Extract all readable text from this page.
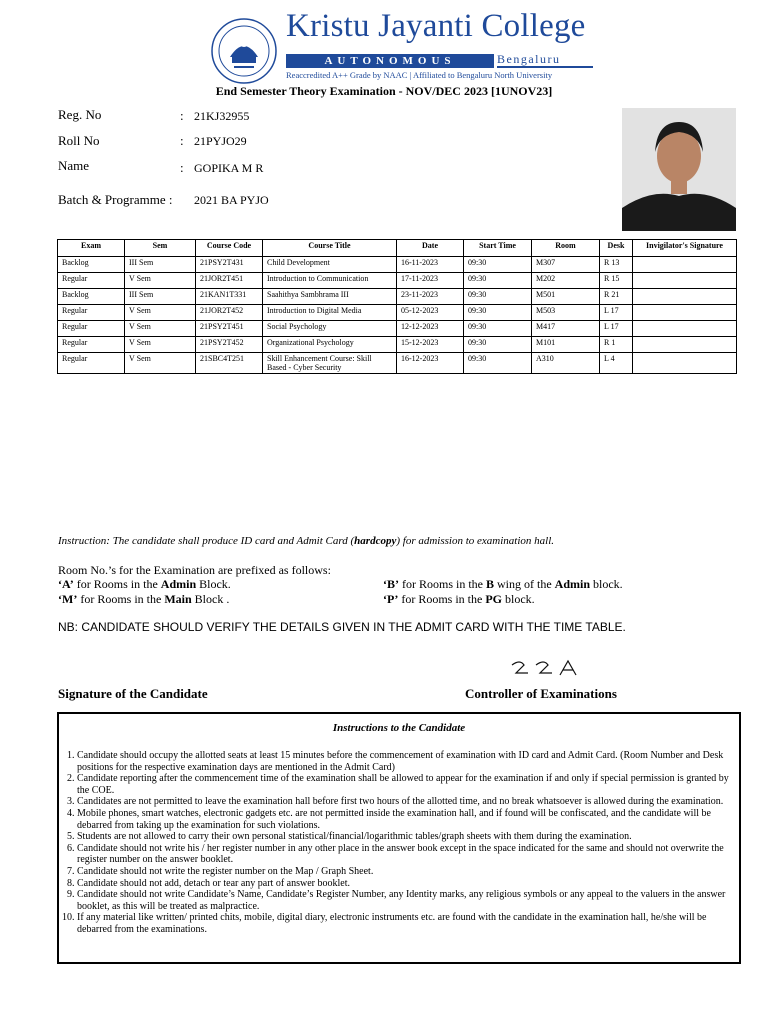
Kristu Jayanti College
AUTONOMOUS	Bengaluru
Reaccredited A++ Grade by NAAC | Affiliated to Bengaluru North University
End Semester Theory Examination - NOV/DEC 2023 [1UNOV23]
Reg. No	: 21KJ32955
Roll No	: 21PYJO29
Name	: GOPIKA M R
Batch & Programme : 2021 BA PYJO
Exam	Sem	Course Code	Course Title	Date	Start Time	Room	Desk	Invigilator's Signature
Backlog	III Sem	21PSY2T431	Child Development	16-11-2023	09:30	M307	R 13	
Regular	V Sem	21JOR2T451	Introduction to Communication	17-11-2023	09:30	M202	R 15	
Backlog	III Sem	21KAN1T331	Saahithya Sambhrama III	23-11-2023	09:30	M501	R 21	
Regular	V Sem	21JOR2T452	Introduction to Digital Media	05-12-2023	09:30	M503	L 17	
Regular	V Sem	21PSY2T451	Social Psychology	12-12-2023	09:30	M417	L 17	
Regular	V Sem	21PSY2T452	Organizational Psychology	15-12-2023	09:30	M101	R 1	
Regular	V Sem	21SBC4T251	Skill Enhancement Course: Skill Based - Cyber Security	16-12-2023	09:30	A310	L 4	
Instruction: The candidate shall produce ID card and Admit Card (hardcopy) for admission to examination hall.
Room No.’s for the Examination are prefixed as follows:
‘A’ for Rooms in the Admin Block.
‘M’ for Rooms in the Main Block .
‘B’ for Rooms in the B wing of the Admin block.
‘P’ for Rooms in the PG block.
NB: CANDIDATE SHOULD VERIFY THE DETAILS GIVEN IN THE ADMIT CARD WITH THE TIME TABLE.
Signature of the Candidate	Controller of Examinations
Instructions to the Candidate
1. Candidate should occupy the allotted seats at least 15 minutes before the commencement of examination with ID card and Admit Card. (Room Number and Desk positions for the respective examination days are mentioned in the Admit Card)
2. Candidate reporting after the commencement time of the examination shall be allowed to appear for the examination if and only if special permission is granted by the COE.
3. Candidates are not permitted to leave the examination hall before first two hours of the allotted time, and no break whatsoever is allowed during the examination.
4. Mobile phones, smart watches, electronic gadgets etc. are not permitted inside the examination hall, and if found will be confiscated, and the candidate will be debarred from taking up the examination for such violations.
5. Students are not allowed to carry their own personal statistical/financial/logarithmic tables/graph sheets with them during the examination.
6. Candidate should not write his / her register number in any other place in the answer book except in the space indicated for the same and should not overwrite the register number on the answer booklet.
7. Candidate should not write the register number on the Map / Graph Sheet.
8. Candidate should not add, detach or tear any part of answer booklet.
9. Candidate should not write Candidate’s Name, Candidate’s Register Number, any Identity marks, any religious symbols or any appeal to the valuers in the answer booklet, as this will be treated as malpractice.
10. If any material like written/ printed chits, mobile, digital diary, electronic instruments etc. are found with the candidate in the examination hall, he/she will be debarred from the examinations.
